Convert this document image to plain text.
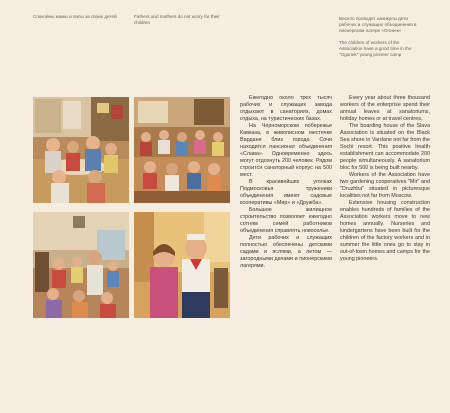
Спокойны мамы и папы за своих детей	Fathers and mothers do not worry for their children
Весело проводят каникулы дети рабочих и служащих объединения в пионерском лагере «Огонек»
The children of workers of the Association have a good time in the "Ogonek" young pioneer camp

Ежегодно около трех тысяч рабочих и служащих завода отдыхают в санаториях, домах отдыха, на туристических базах.

На Черноморском побережье Кавказа, в живописном местечке Вардане близ города Сочи находится пансионат объединения «Слава». Одновременно здесь могут отдохнуть 200 человек. Рядом строится санаторный корпус на 500 мест.

В красивейших уголках Подмосковья труженики объединения имеют садовые кооперативы «Мир» и «Дружба».

Большое жилищное строительство позволяет ежегодно сотням семей работников объединения справлять новоселье.

Дети рабочих и служащих полностью обеспечены детскими садами и яслями, а летом — загородными дачами и пионерскими лагерями.

Every year about three thousand workers of the enterprise spend their annual leaves at sanatoriums, holiday homes or at travel centres.

The boarding house of the Slava Association is situated on the Black Sea shore in Vardane not far from the Sochi resort. This positive health establishment can accommodate 200 people simultaneously. A sanatorium bloc for 500 is being built nearby.

Workers of the Association have two gardening cooperatives "Mir" and "Druzhba" situated in picturesque localities not far from Moscow.

Extensive housing construction enables hundreds of families of the Association workers move to new homes annually. Nurseries and kindergartens have been built for the children of the factory workers and in summer the little ones go to stay in out-of-town homes and camps for the young pioneers.
